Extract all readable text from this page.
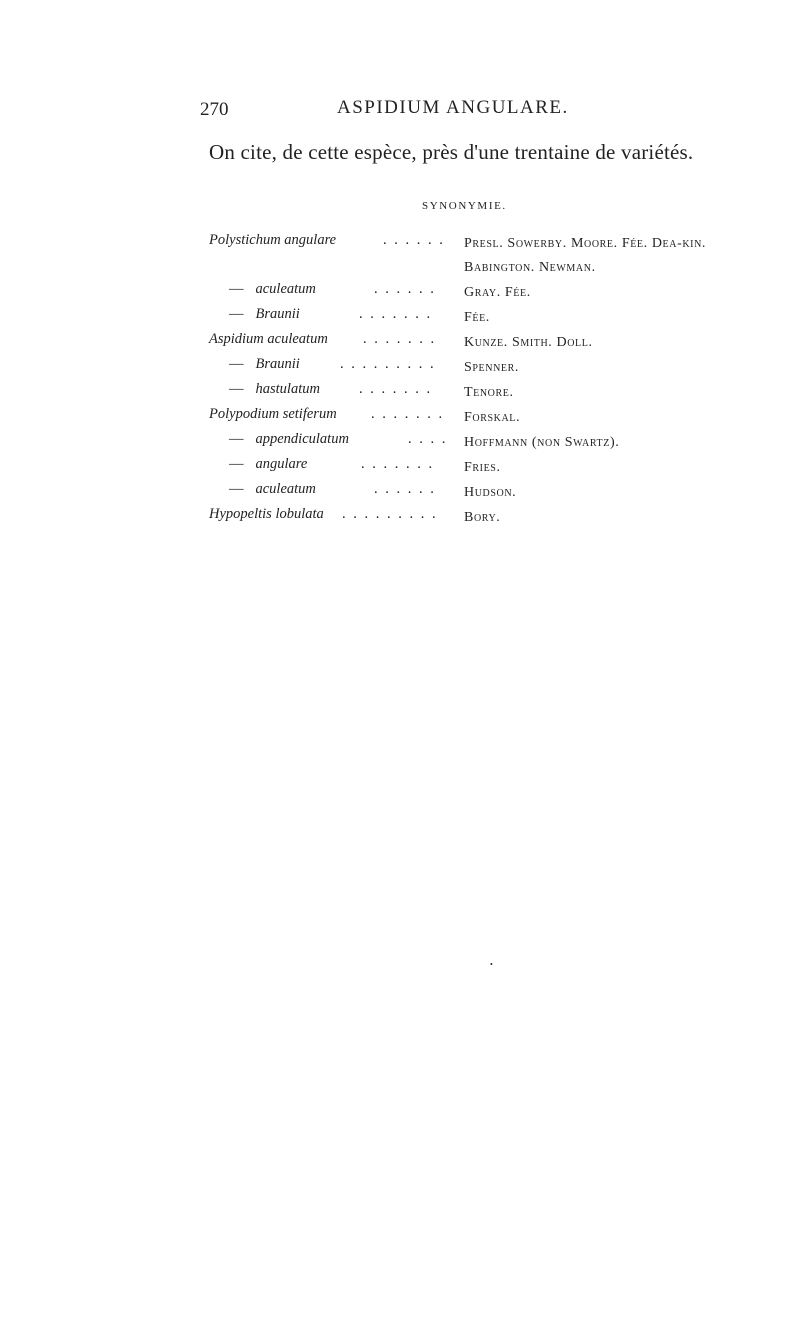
270	ASPIDIUM ANGULARE.
On cite, de cette espèce, près d'une trentaine de variétés.
SYNONYMIE.
Polystichum angulare	. . . . . . Presl. Sowerby. Moore. Fée. Dea-kin. Babington. Newman.
— aculeatum	. . . . . . Gray. Fée.
— Braunii	. . . . . . . Fée.
Aspidium aculeatum . . . . . . . Kunze. Smith. Doll.
— Braunii	. . . . . . . . . Spenner.
— hastulatum	. . . . . . . Tenore.
Polypodium setiferum . . . . . . . Forskal.
— appendiculatum	. . . . Hoffmann (non Swartz).
— angulare	. . . . . . . Fries.
— aculeatum	. . . . . . Hudson.
Hypopeltis lobulata . . . . . . . . . Bory.
•
